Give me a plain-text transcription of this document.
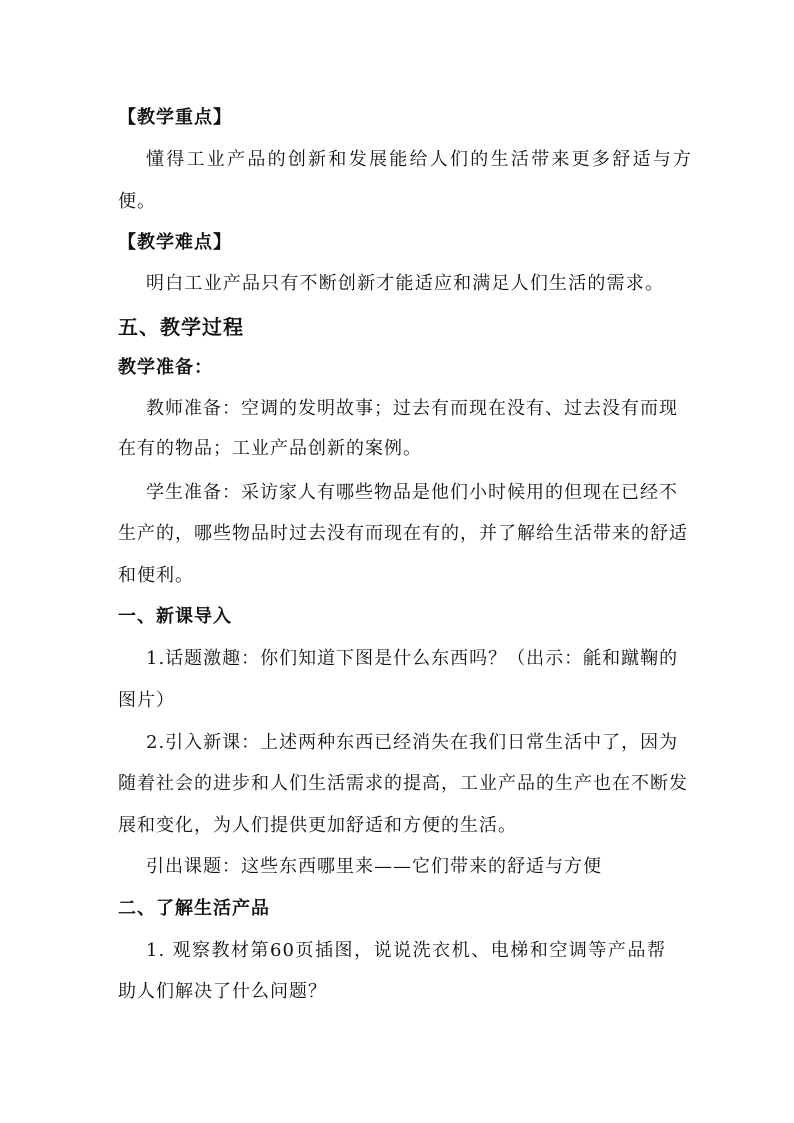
【教学重点】
懂得工业产品的创新和发展能给人们的生活带来更多舒适与方
便。
【教学难点】
明白工业产品只有不断创新才能适应和满足人们生活的需求。
五、教学过程
教学准备：
教师准备：空调的发明故事；过去有而现在没有、过去没有而现
在有的物品；工业产品创新的案例。
学生准备：采访家人有哪些物品是他们小时候用的但现在已经不
生产的，哪些物品时过去没有而现在有的，并了解给生活带来的舒适
和便利。
一、新课导入
1.话题激趣：你们知道下图是什么东西吗？（出示：毹和蹴鞠的
图片）
2.引入新课：上述两种东西已经消失在我们日常生活中了，因为
随着社会的进步和人们生活需求的提高，工业产品的生产也在不断发
展和变化，为人们提供更加舒适和方便的生活。
引出课题：这些东西哪里来——它们带来的舒适与方便
二、了解生活产品
1. 观察教材第60页插图，说说洗衣机、电梯和空调等产品帮
助人们解决了什么问题？
